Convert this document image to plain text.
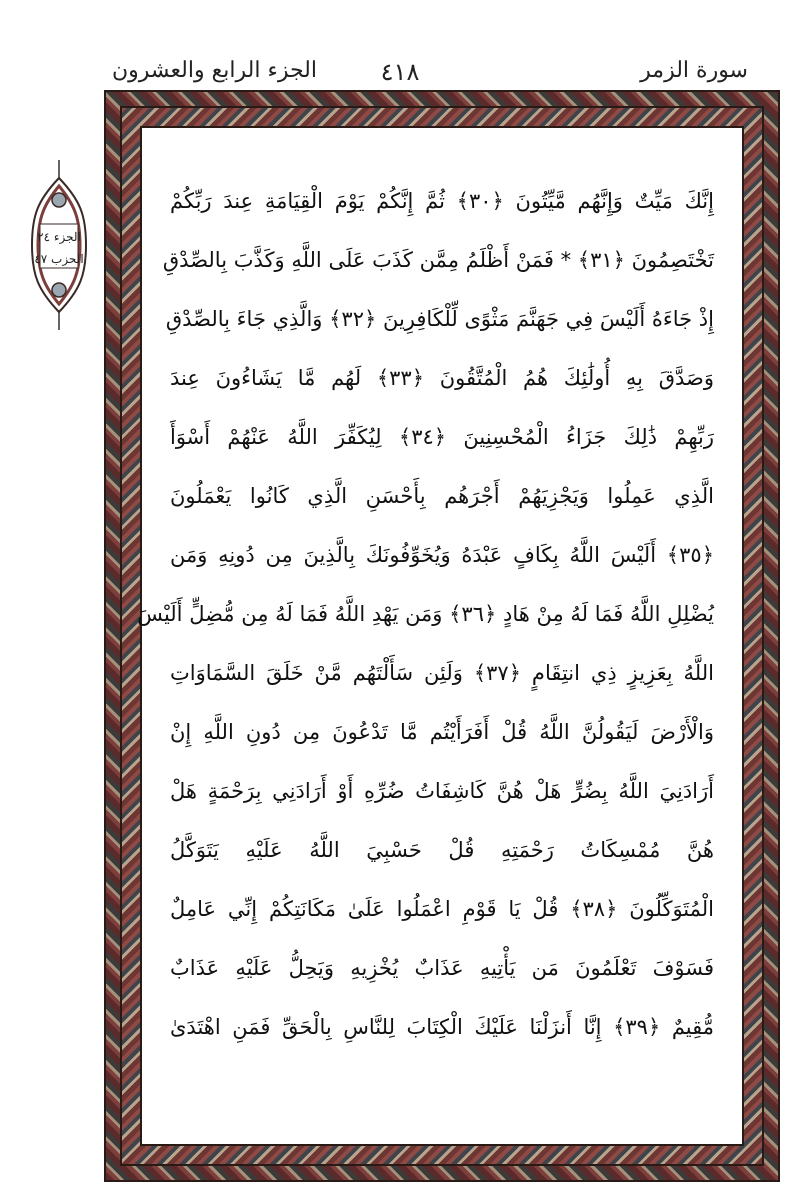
سورة الزمر
٤١٨
الجزء الرابع والعشرون
الجزء ٢٤
الحزب ٤٧
إِنَّكَ مَيِّتٌ وَإِنَّهُم مَّيِّتُونَ ﴿٣٠﴾ ثُمَّ إِنَّكُمْ يَوْمَ الْقِيَامَةِ عِندَ رَبِّكُمْ
تَخْتَصِمُونَ ﴿٣١﴾ * فَمَنْ أَظْلَمُ مِمَّن كَذَبَ عَلَى اللَّهِ وَكَذَّبَ بِالصِّدْقِ
إِذْ جَاءَهُ أَلَيْسَ فِي جَهَنَّمَ مَثْوًى لِّلْكَافِرِينَ ﴿٣٢﴾ وَالَّذِي جَاءَ بِالصِّدْقِ
وَصَدَّقَ بِهِ أُولَٰئِكَ هُمُ الْمُتَّقُونَ ﴿٣٣﴾ لَهُم مَّا يَشَاءُونَ عِندَ
رَبِّهِمْ ذَٰلِكَ جَزَاءُ الْمُحْسِنِينَ ﴿٣٤﴾ لِيُكَفِّرَ اللَّهُ عَنْهُمْ أَسْوَأَ
الَّذِي عَمِلُوا وَيَجْزِيَهُمْ أَجْرَهُم بِأَحْسَنِ الَّذِي كَانُوا يَعْمَلُونَ
﴿٣٥﴾ أَلَيْسَ اللَّهُ بِكَافٍ عَبْدَهُ وَيُخَوِّفُونَكَ بِالَّذِينَ مِن دُونِهِ وَمَن
يُضْلِلِ اللَّهُ فَمَا لَهُ مِنْ هَادٍ ﴿٣٦﴾ وَمَن يَهْدِ اللَّهُ فَمَا لَهُ مِن مُّضِلٍّ أَلَيْسَ
اللَّهُ بِعَزِيزٍ ذِي انتِقَامٍ ﴿٣٧﴾ وَلَئِن سَأَلْتَهُم مَّنْ خَلَقَ السَّمَاوَاتِ
وَالْأَرْضَ لَيَقُولُنَّ اللَّهُ قُلْ أَفَرَأَيْتُم مَّا تَدْعُونَ مِن دُونِ اللَّهِ إِنْ
أَرَادَنِيَ اللَّهُ بِضُرٍّ هَلْ هُنَّ كَاشِفَاتُ ضُرِّهِ أَوْ أَرَادَنِي بِرَحْمَةٍ هَلْ
هُنَّ مُمْسِكَاتُ رَحْمَتِهِ قُلْ حَسْبِيَ اللَّهُ عَلَيْهِ يَتَوَكَّلُ
الْمُتَوَكِّلُونَ ﴿٣٨﴾ قُلْ يَا قَوْمِ اعْمَلُوا عَلَىٰ مَكَانَتِكُمْ إِنِّي عَامِلٌ
فَسَوْفَ تَعْلَمُونَ مَن يَأْتِيهِ عَذَابٌ يُخْزِيهِ وَيَحِلُّ عَلَيْهِ عَذَابٌ
مُّقِيمٌ ﴿٣٩﴾ إِنَّا أَنزَلْنَا عَلَيْكَ الْكِتَابَ لِلنَّاسِ بِالْحَقِّ فَمَنِ اهْتَدَىٰ
